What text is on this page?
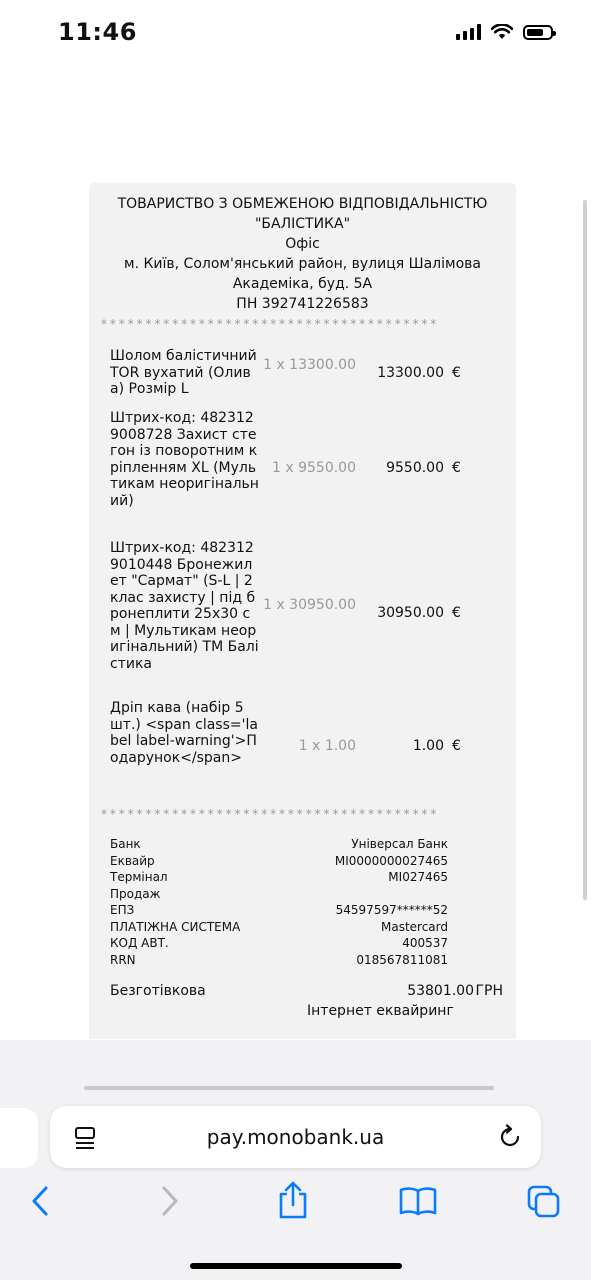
11:46
ТОВАРИСТВО З ОБМЕЖЕНОЮ ВІДПОВІДАЛЬНІСТЮ
"БАЛІСТИКА"
Офіс
м. Київ, Солом'янський район, вулиця Шалімова
Академіка, буд. 5А
ПН 392741226583
**************************************
Шолом балістичний TOR вухатий (Олива) Розмір L
1 x 13300.00	13300.00 €
Штрих-код: 4823129008728 Захист стегон із поворотним кріпленням XL (Мультикам неоригінальний)
1 x 9550.00	9550.00 €
Штрих-код: 4823129010448 Бронежилет "Сармат" (S-L | 2 клас захисту | під бронеплити 25х30 см | Мультикам неоригінальний) ТМ Балістика
1 x 30950.00	30950.00 €
Дріп кава (набір 5 шт.) <span class='label label-warning'>Подарунок</span>
1 x 1.00	1.00 €
**************************************
Банк	Універсал Банк
Еквайр	MI0000000027465
Термінал	MI027465
Продаж
ЕПЗ	54597597******52
ПЛАТІЖНА СИСТЕМА	Mastercard
КОД АВТ.	400537
RRN	018567811081
Безготівкова	53801.00 ГРН
Інтернет еквайринг
pay.monobank.ua
